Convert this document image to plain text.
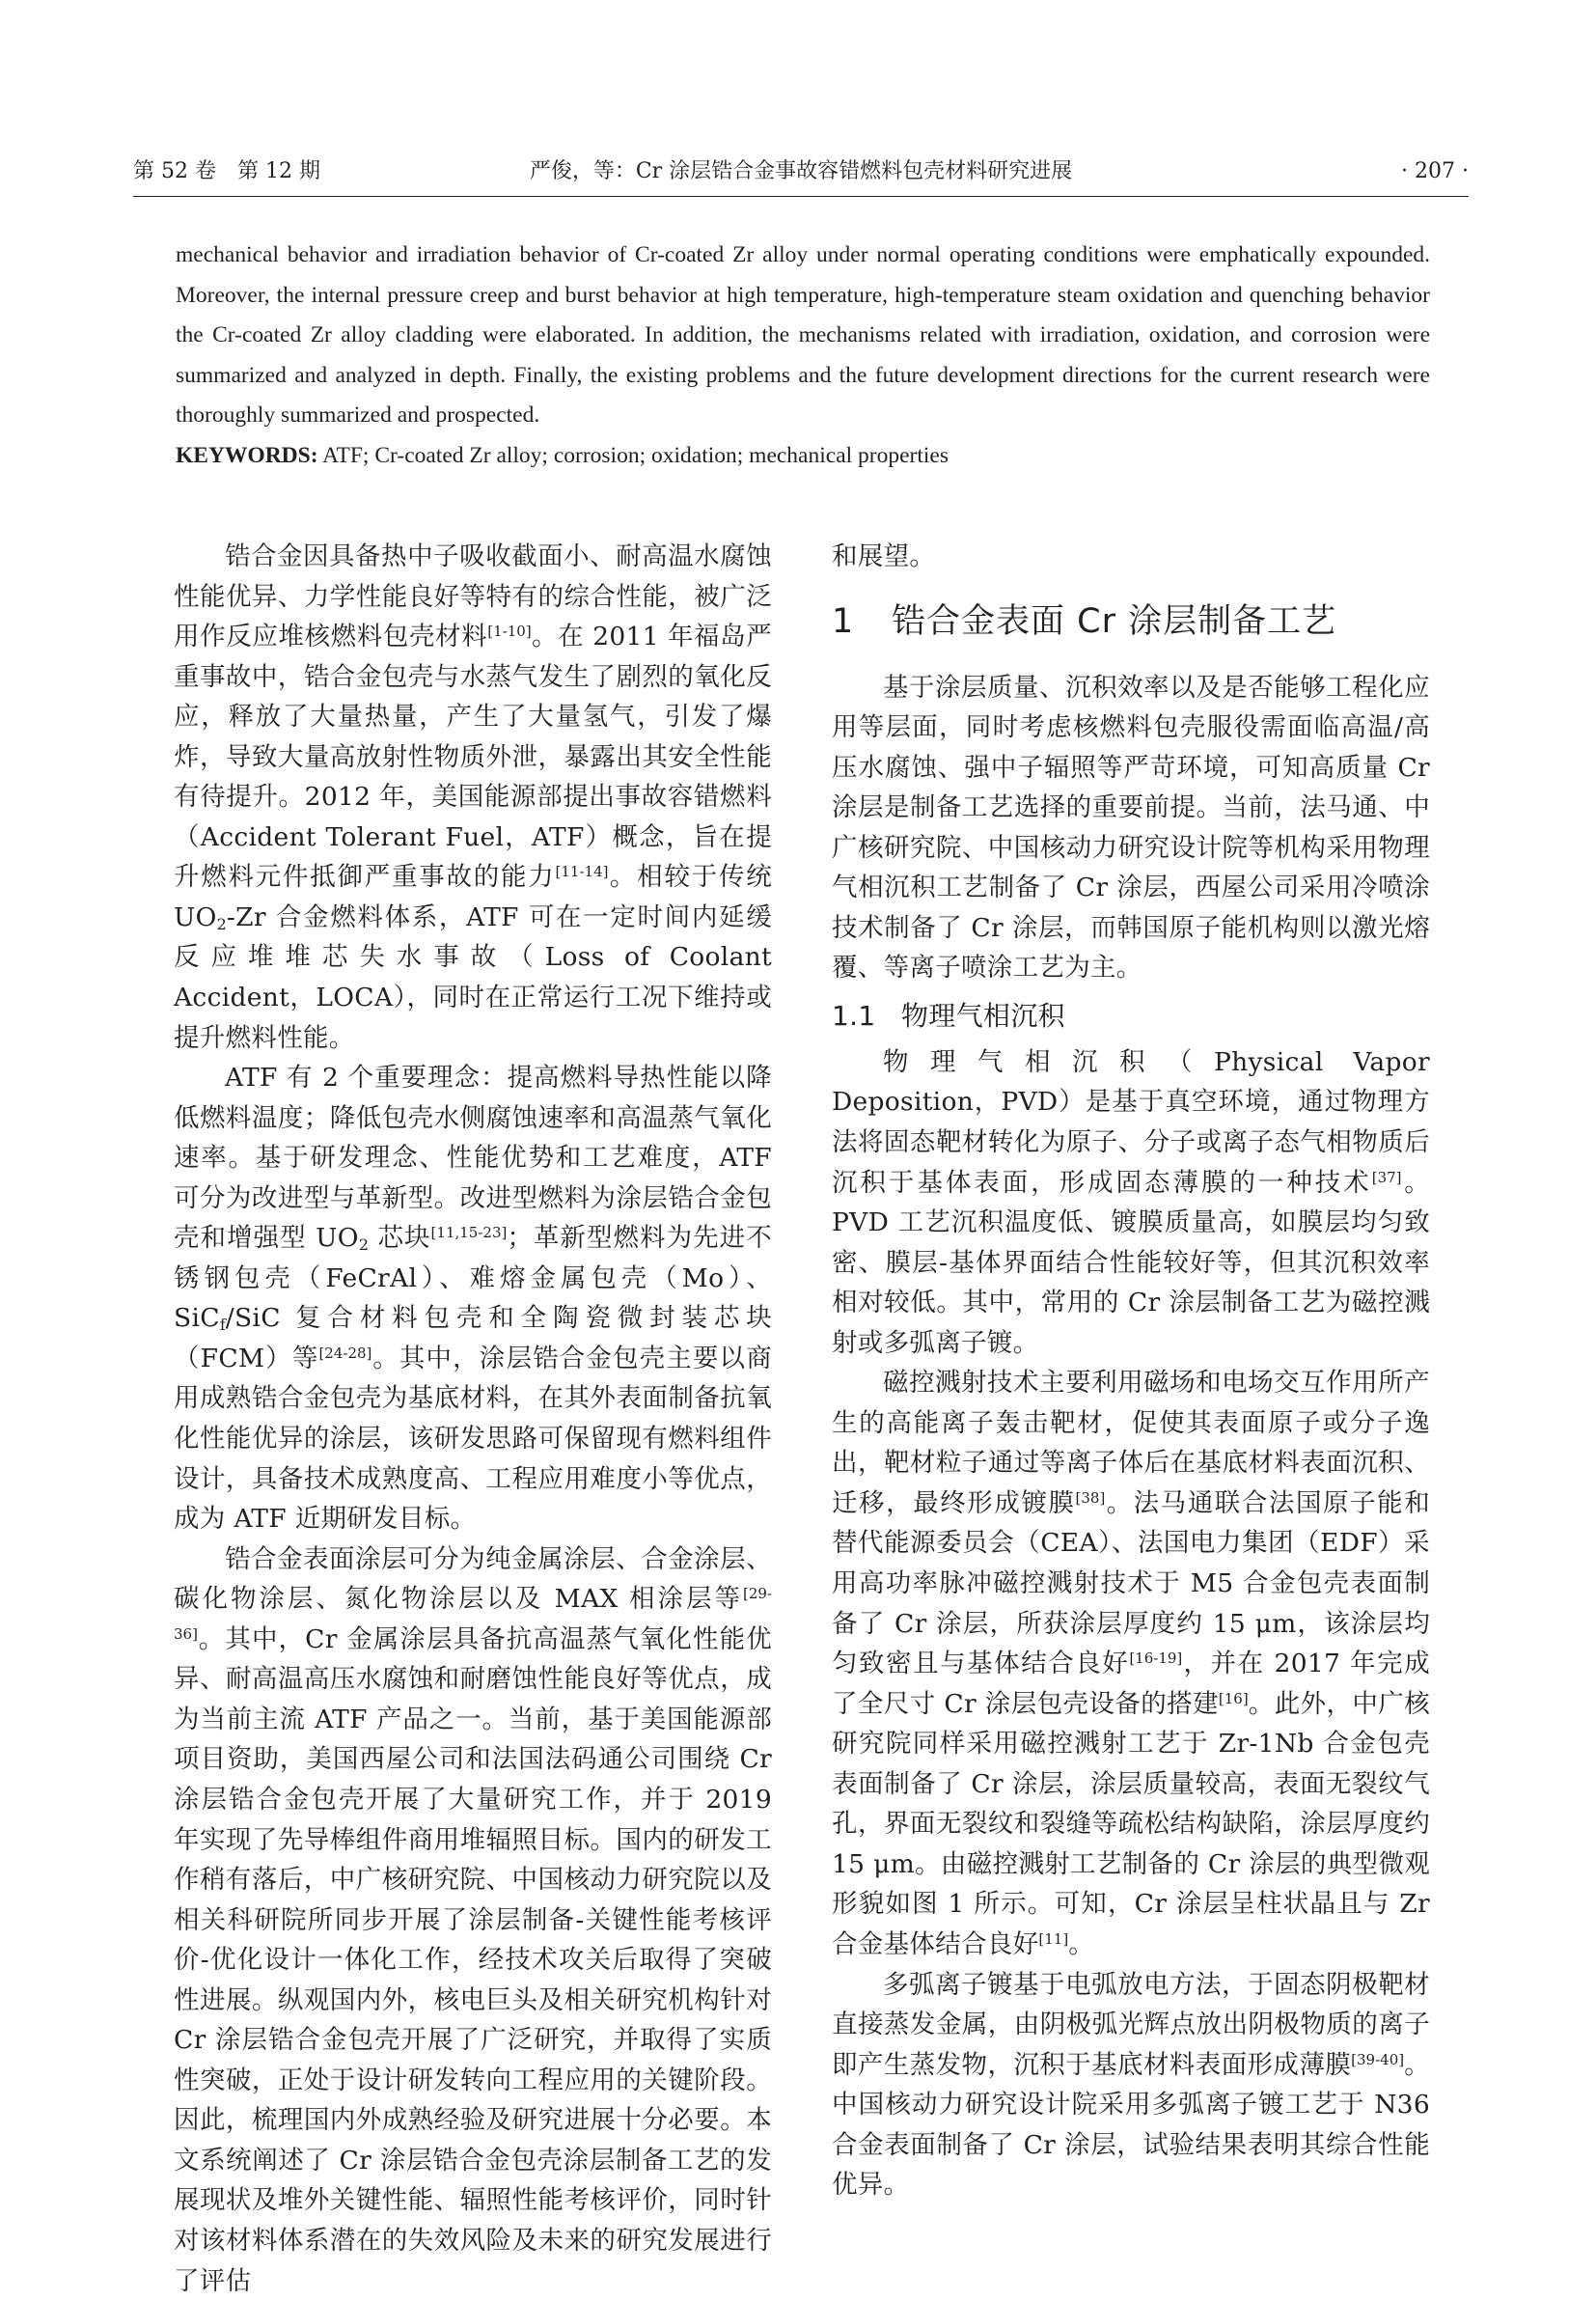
第 52 卷　第 12 期	严俊，等：Cr 涂层锆合金事故容错燃料包壳材料研究进展	· 207 ·

mechanical behavior and irradiation behavior of Cr-coated Zr alloy under normal operating conditions were emphatically expounded. Moreover, the internal pressure creep and burst behavior at high temperature, high-temperature steam oxidation and quenching behavior the Cr-coated Zr alloy cladding were elaborated. In addition, the mechanisms related with irradiation, oxidation, and corrosion were summarized and analyzed in depth. Finally, the existing problems and the future development directions for the current research were thoroughly summarized and prospected.

KEYWORDS: ATF; Cr-coated Zr alloy; corrosion; oxidation; mechanical properties

锆合金因具备热中子吸收截面小、耐高温水腐蚀性能优异、力学性能良好等特有的综合性能，被广泛用作反应堆核燃料包壳材料[1-10]。在 2011 年福岛严重事故中，锆合金包壳与水蒸气发生了剧烈的氧化反应，释放了大量热量，产生了大量氢气，引发了爆炸，导致大量高放射性物质外泄，暴露出其安全性能有待提升。2012 年，美国能源部提出事故容错燃料（Accident Tolerant Fuel，ATF）概念，旨在提升燃料元件抵御严重事故的能力[11-14]。相较于传统 $UO_2-Zr$ 合金燃料体系，ATF 可在一定时间内延缓反应堆堆芯失水事故（Loss of Coolant Accident，LOCA），同时在正常运行工况下维持或提升燃料性能。

ATF 有 2 个重要理念：提高燃料导热性能以降低燃料温度；降低包壳水侧腐蚀速率和高温蒸气氧化速率。基于研发理念、性能优势和工艺难度，ATF 可分为改进型与革新型。改进型燃料为涂层锆合金包壳和增强型 $UO_2$ 芯块[11,15-23]；革新型燃料为先进不锈钢包壳（FeCrAl）、难熔金属包壳（Mo）、SiC$_f$/SiC 复合材料包壳和全陶瓷微封装芯块（FCM）等[24-28]。其中，涂层锆合金包壳主要以商用成熟锆合金包壳为基底材料，在其外表面制备抗氧化性能优异的涂层，该研发思路可保留现有燃料组件设计，具备技术成熟度高、工程应用难度小等优点，成为 ATF 近期研发目标。

锆合金表面涂层可分为纯金属涂层、合金涂层、碳化物涂层、氮化物涂层以及 MAX 相涂层等[29-36]。其中，Cr 金属涂层具备抗高温蒸气氧化性能优异、耐高温高压水腐蚀和耐磨蚀性能良好等优点，成为当前主流 ATF 产品之一。当前，基于美国能源部项目资助，美国西屋公司和法国法码通公司围绕 Cr 涂层锆合金包壳开展了大量研究工作，并于 2019 年实现了先导棒组件商用堆辐照目标。国内的研发工作稍有落后，中广核研究院、中国核动力研究院以及相关科研院所同步开展了涂层制备-关键性能考核评价-优化设计一体化工作，经技术攻关后取得了突破性进展。纵观国内外，核电巨头及相关研究机构针对 Cr 涂层锆合金包壳开展了广泛研究，并取得了实质性突破，正处于设计研发转向工程应用的关键阶段。因此，梳理国内外成熟经验及研究进展十分必要。本文系统阐述了 Cr 涂层锆合金包壳涂层制备工艺的发展现状及堆外关键性能、辐照性能考核评价，同时针对该材料体系潜在的失效风险及未来的研究发展进行了评估

和展望。

1 锆合金表面 Cr 涂层制备工艺

基于涂层质量、沉积效率以及是否能够工程化应用等层面，同时考虑核燃料包壳服役需面临高温/高压水腐蚀、强中子辐照等严苛环境，可知高质量 Cr 涂层是制备工艺选择的重要前提。当前，法马通、中广核研究院、中国核动力研究设计院等机构采用物理气相沉积工艺制备了 Cr 涂层，西屋公司采用冷喷涂技术制备了 Cr 涂层，而韩国原子能机构则以激光熔覆、等离子喷涂工艺为主。

1.1 物理气相沉积

物理气相沉积（Physical Vapor Deposition，PVD）是基于真空环境，通过物理方法将固态靶材转化为原子、分子或离子态气相物质后沉积于基体表面，形成固态薄膜的一种技术[37]。PVD 工艺沉积温度低、镀膜质量高，如膜层均匀致密、膜层-基体界面结合性能较好等，但其沉积效率相对较低。其中，常用的 Cr 涂层制备工艺为磁控溅射或多弧离子镀。

磁控溅射技术主要利用磁场和电场交互作用所产生的高能离子轰击靶材，促使其表面原子或分子逸出，靶材粒子通过等离子体后在基底材料表面沉积、迁移，最终形成镀膜[38]。法马通联合法国原子能和替代能源委员会（CEA）、法国电力集团（EDF）采用高功率脉冲磁控溅射技术于 M5 合金包壳表面制备了 Cr 涂层，所获涂层厚度约 15 μm，该涂层均匀致密且与基体结合良好[16-19]，并在 2017 年完成了全尺寸 Cr 涂层包壳设备的搭建[16]。此外，中广核研究院同样采用磁控溅射工艺于 Zr-1Nb 合金包壳表面制备了 Cr 涂层，涂层质量较高，表面无裂纹气孔，界面无裂纹和裂缝等疏松结构缺陷，涂层厚度约 15 μm。由磁控溅射工艺制备的 Cr 涂层的典型微观形貌如图 1 所示。可知，Cr 涂层呈柱状晶且与 Zr 合金基体结合良好[11]。

多弧离子镀基于电弧放电方法，于固态阴极靶材直接蒸发金属，由阴极弧光辉点放出阴极物质的离子即产生蒸发物，沉积于基底材料表面形成薄膜[39-40]。中国核动力研究设计院采用多弧离子镀工艺于 N36 合金表面制备了 Cr 涂层，试验结果表明其综合性能优异。
